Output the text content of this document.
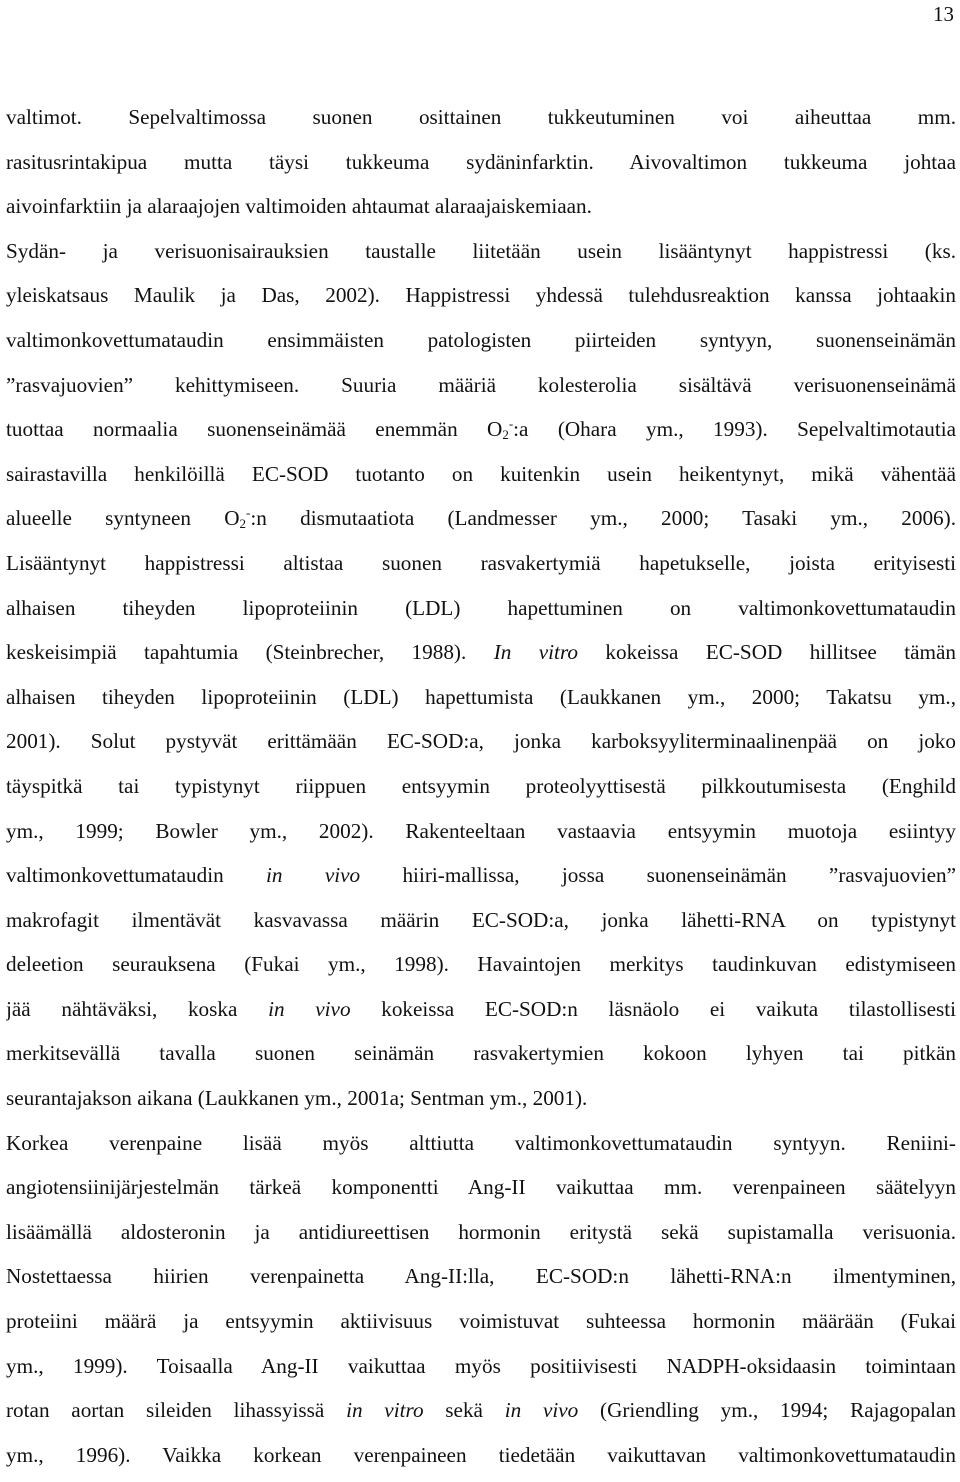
13
valtimot. Sepelvaltimossa suonen osittainen tukkeutuminen voi aiheuttaa mm.
rasitusrintakipua mutta täysi tukkeuma sydäninfarktin. Aivovaltimon tukkeuma johtaa
aivoinfarktiin ja alaraajojen valtimoiden ahtaumat alaraajaiskemiaan.
Sydän- ja verisuonisairauksien taustalle liitetään usein lisääntynyt happistressi (ks.
yleiskatsaus Maulik ja Das, 2002). Happistressi yhdessä tulehdusreaktion kanssa johtaakin
valtimonkovettumataudin ensimmäisten patologisten piirteiden syntyyn, suonenseinämän
”rasvajuovien” kehittymiseen. Suuria määriä kolesterolia sisältävä verisuonenseinämä
tuottaa normaalia suonenseinämää enemmän $O_2^-:a$ (Ohara ym., 1993). Sepelvaltimotautia
sairastavilla henkilöillä EC-SOD tuotanto on kuitenkin usein heikentynyt, mikä vähentää
alueelle syntyneen $O_2^-:n$ dismutaatiota (Landmesser ym., 2000; Tasaki ym., 2006).
Lisääntynyt happistressi altistaa suonen rasvakertymiä hapetukselle, joista erityisesti
alhaisen tiheyden lipoproteiinin (LDL) hapettuminen on valtimonkovettumataudin
keskeisimpiä tapahtumia (Steinbrecher, 1988). In vitro kokeissa EC-SOD hillitsee tämän
alhaisen tiheyden lipoproteiinin (LDL) hapettumista (Laukkanen ym., 2000; Takatsu ym.,
2001). Solut pystyvät erittämään EC-SOD:a, jonka karboksyyliterminaalinenpää on joko
täyspitkä tai typistynyt riippuen entsyymin proteolyyttisestä pilkkoutumisesta (Enghild
ym., 1999; Bowler ym., 2002). Rakenteeltaan vastaavia entsyymin muotoja esiintyy
valtimonkovettumataudin in vivo hiiri-mallissa, jossa suonenseinämän ”rasvajuovien”
makrofagit ilmentävät kasvavassa määrin EC-SOD:a, jonka lähetti-RNA on typistynyt
deleetion seurauksena (Fukai ym., 1998). Havaintojen merkitys taudinkuvan edistymiseen
jää nähtäväksi, koska in vivo kokeissa EC-SOD:n läsnäolo ei vaikuta tilastollisesti
merkitsevällä tavalla suonen seinämän rasvakertymien kokoon lyhyen tai pitkän
seurantajakson aikana (Laukkanen ym., 2001a; Sentman ym., 2001).
Korkea verenpaine lisää myös alttiutta valtimonkovettumataudin syntyyn. Reniini-
angiotensiinijärjestelmän tärkeä komponentti Ang-II vaikuttaa mm. verenpaineen säätelyyn
lisäämällä aldosteronin ja antidiureettisen hormonin eritystä sekä supistamalla verisuonia.
Nostettaessa hiirien verenpainetta Ang-II:lla, EC-SOD:n lähetti-RNA:n ilmentyminen,
proteiini määrä ja entsyymin aktiivisuus voimistuvat suhteessa hormonin määrään (Fukai
ym., 1999). Toisaalla Ang-II vaikuttaa myös positiivisesti NADPH-oksidaasin toimintaan
rotan aortan sileiden lihassyissä in vitro sekä in vivo (Griendling ym., 1994; Rajagopalan
ym., 1996). Vaikka korkean verenpaineen tiedetään vaikuttavan valtimonkovettumataudin
